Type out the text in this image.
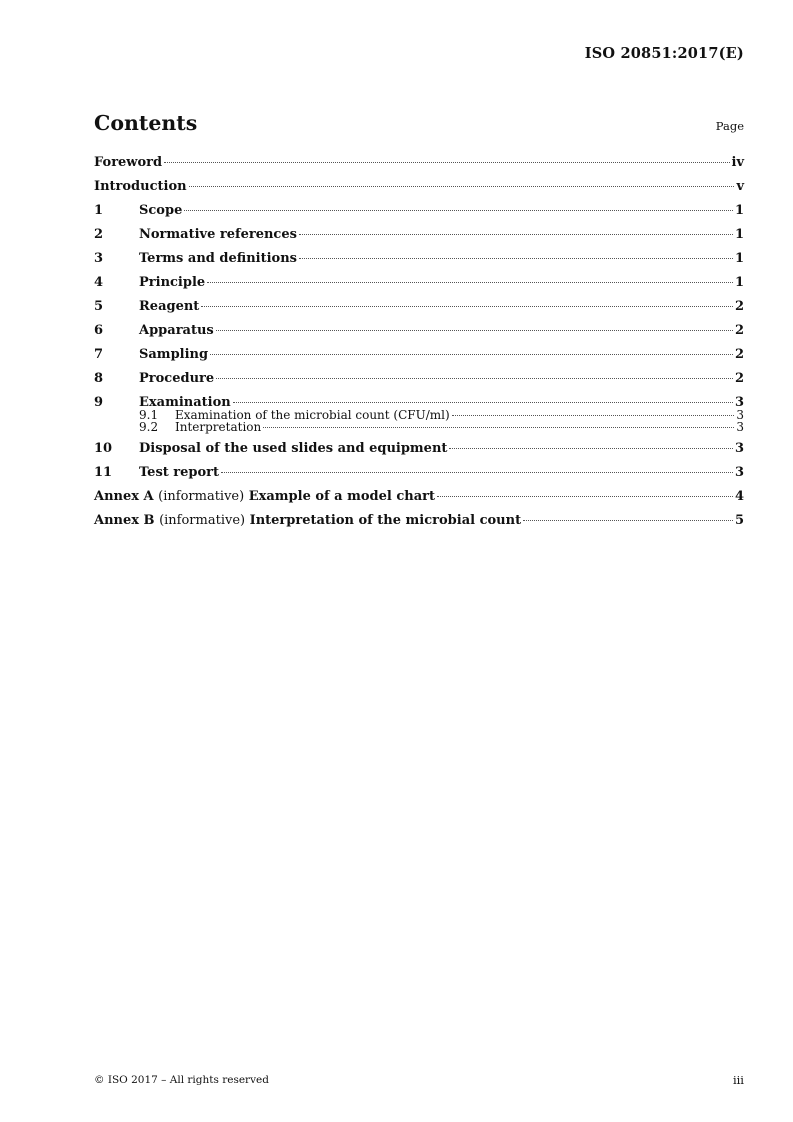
ISO 20851:2017(E)
Contents	Page
Foreword	iv
Introduction	v
1	Scope	1
2	Normative references	1
3	Terms and definitions	1
4	Principle	1
5	Reagent	2
6	Apparatus	2
7	Sampling	2
8	Procedure	2
9	Examination	3
9.1	Examination of the microbial count (CFU/ml)	3
9.2	Interpretation	3
10	Disposal of the used slides and equipment	3
11	Test report	3
Annex A (informative) Example of a model chart	4
Annex B (informative) Interpretation of the microbial count	5
© ISO 2017 – All rights reserved	iii
